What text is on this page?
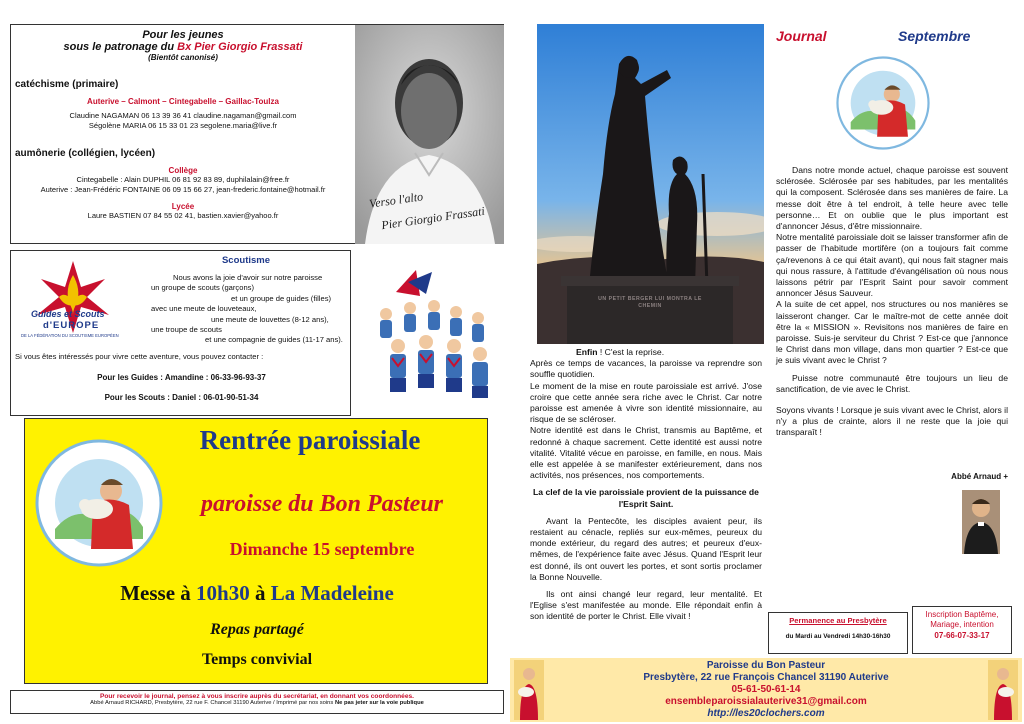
Pour les jeunes
sous le patronage du Bx Pier Giorgio Frassati
(Bientôt canonisé)
catéchisme (primaire)
Auterive – Calmont – Cintegabelle – Gaillac-Toulza
Claudine NAGAMAN 06 13 39 36 41 claudine.nagaman@gmail.com
Ségolène MARIA 06 15 33 01 23 segolene.maria@live.fr
aumônerie (collégien, lycéen)
Collège
Cintegabelle : Alain DUPHIL 06 81 92 83 89, duphilalain@free.fr
Auterive : Jean-Frédéric FONTAINE 06 09 15 66 27, jean-frederic.fontaine@hotmail.fr
Lycée
Laure BASTIEN 07 84 55 02 41, bastien.xavier@yahoo.fr
Verso l'alto
Pier Giorgio Frassati
Scoutisme
Guides et Scouts
d'EUROPE
DE LA FÉDÉRATION DU SCOUTISME EUROPÉEN
Nous avons la joie d'avoir sur notre paroisse
un groupe de scouts (garçons)
et un groupe de guides (filles)
avec une meute de louveteaux,
une meute de louvettes (8-12 ans),
une troupe de scouts
et une compagnie de guides (11-17 ans).
Si vous êtes intéressés pour vivre cette aventure, vous pouvez contacter :
Pour les Guides : Amandine : 06-33-96-93-37
Pour les Scouts : Daniel : 06-01-90-51-34
Rentrée paroissiale
paroisse du Bon Pasteur
Dimanche 15 septembre
Messe à 10h30 à La Madeleine
Repas partagé
Temps convivial
Pour recevoir le journal, pensez à vous inscrire auprès du secrétariat, en donnant vos coordonnées.
Abbé Arnaud RICHARD, Presbytère, 22 rue F. Chancel 31190 Auterive / Imprimé par nos soins Ne pas jeter sur la voie publique
UN PETIT BERGER LUI MONTRA LE CHEMIN

Enfin ! C'est la reprise.

Après ce temps de vacances, la paroisse va reprendre son souffle quotidien.

Le moment de la mise en route paroissiale est arrivé. J'ose croire que cette année sera riche avec le Christ. Car notre paroisse est amenée à vivre son identité missionnaire, au risque de se scléroser.

Notre identité est dans le Christ, transmis au Baptême, et redonné à chaque sacrement. Cette identité est aussi notre vitalité. Vitalité vécue en paroisse, en famille, en nous. Mais elle est appelée à se manifester extérieurement, dans nos activités, nos présences, nos comportements.

La clef de la vie paroissiale provient de la puissance de l'Esprit Saint.

Avant la Pentecôte, les disciples avaient peur, ils restaient au cénacle, repliés sur eux-mêmes, peureux du monde extérieur, du regard des autres; et peureux d'eux-mêmes, de l'expérience faite avec Jésus. Quand l'Esprit leur est donné, ils ont ouvert les portes, et sont sortis proclamer la Bonne Nouvelle.

Ils ont ainsi changé leur regard, leur mentalité. Et l'Eglise s'est manifestée au monde. Elle répondait enfin à son identité de porter le Christ. Elle vivait !

Journal	Septembre

Dans notre monde actuel, chaque paroisse est souvent sclérosée. Sclérosée par ses habitudes, par les mentalités qui la composent. Sclérosée dans ses manières de faire. La messe doit être à tel endroit, à telle heure avec telle personne… Et on oublie que le plus important est d'annoncer Jésus, d'être missionnaire.

Notre mentalité paroissiale doit se laisser transformer afin de passer de l'habitude mortifère (on a toujours fait comme ça/revenons à ce qui était avant), qui nous fait stagner mais qui nous rassure, à l'attitude d'évangélisation où nous nous laissons pétrir par l'Esprit Saint pour savoir comment annoncer Jésus Sauveur.

A la suite de cet appel, nos structures ou nos manières se laisseront changer. Car le maître-mot de cette année doit être la « MISSION ». Revisitons nos manières de faire en paroisse. Suis-je serviteur du Christ ? Est-ce que j'annonce le Christ dans mon village, dans mon quartier ? Est-ce que je suis vivant avec le Christ ?

Puisse notre communauté être toujours un lieu de sanctification, de vie avec le Christ.

Soyons vivants ! Lorsque je suis vivant avec le Christ, alors il n'y a plus de crainte, alors il ne reste que la joie qui transparaît !

Abbé Arnaud +
Permanence au Presbytère
du Mardi au Vendredi 14h30-16h30
Inscription Baptême,
Mariage, intention
07-66-07-33-17
Paroisse du Bon Pasteur
Presbytère, 22 rue François Chancel 31190 Auterive
05-61-50-61-14
ensembleparoissialauterive31@gmail.com
http://les20clochers.com
